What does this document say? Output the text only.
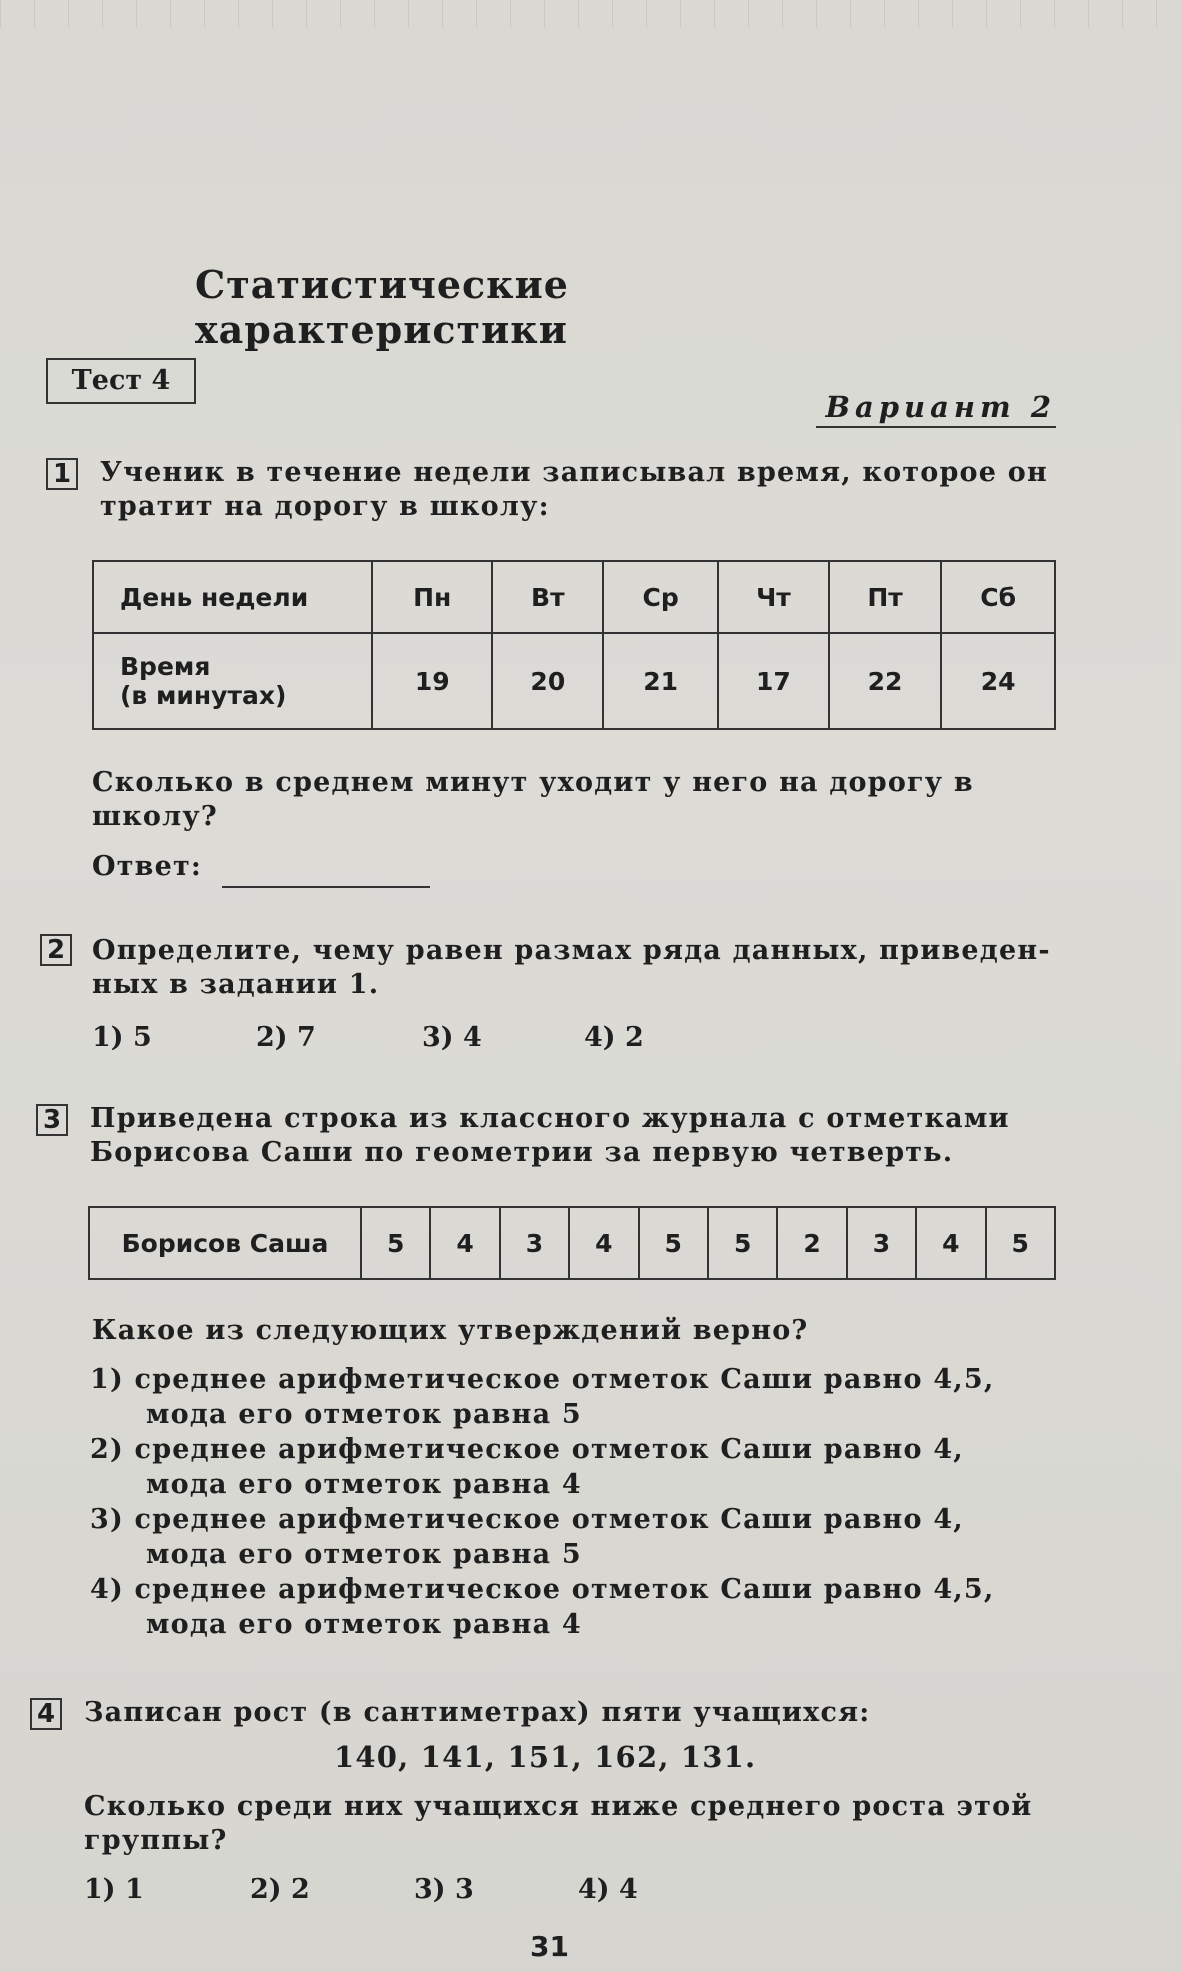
Статистические характеристики
Тест 4
Вариант 2
1 Ученик в течение недели записывал время, которое он
тратит на дорогу в школу:
День недели	Пн	Вт	Ср	Чт	Пт	Сб

Время
(в минутах)	19	20	21	17	22	24
Сколько в среднем минут уходит у него на дорогу в
школу?
Ответ:
2 Определите, чему равен размах ряда данных, приведен-
ных в задании 1.
1) 5	2) 7	3) 4	4) 2
3 Приведена строка из классного журнала с отметками
Борисова Саши по геометрии за первую четверть.
Борисов Саша	5	4	3	4	5	5	2	3	4	5
Какое из следующих утверждений верно?
1) среднее арифметическое отметок Саши равно 4,5,
мода его отметок равна 5
2) среднее арифметическое отметок Саши равно 4,
мода его отметок равна 4
3) среднее арифметическое отметок Саши равно 4,
мода его отметок равна 5
4) среднее арифметическое отметок Саши равно 4,5,
мода его отметок равна 4
4 Записан рост (в сантиметрах) пяти учащихся:
140, 141, 151, 162, 131.
Сколько среди них учащихся ниже среднего роста этой
группы?
1) 1	2) 2	3) 3	4) 4
31
